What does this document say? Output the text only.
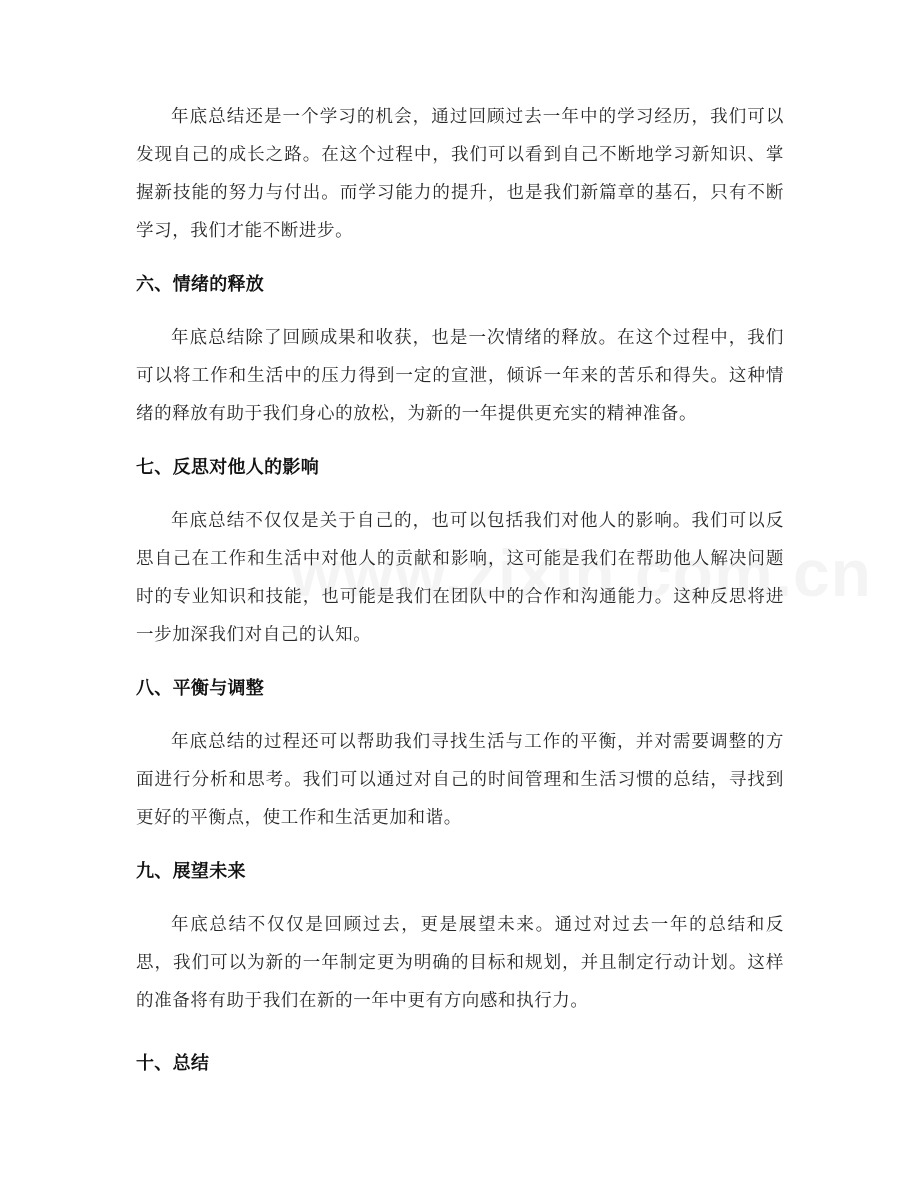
年底总结还是一个学习的机会，通过回顾过去一年中的学习经历，我们可以发现自己的成长之路。在这个过程中，我们可以看到自己不断地学习新知识、掌握新技能的努力与付出。而学习能力的提升，也是我们新篇章的基石，只有不断学习，我们才能不断进步。

六、情绪的释放

年底总结除了回顾成果和收获，也是一次情绪的释放。在这个过程中，我们可以将工作和生活中的压力得到一定的宣泄，倾诉一年来的苦乐和得失。这种情绪的释放有助于我们身心的放松，为新的一年提供更充实的精神准备。

七、反思对他人的影响

年底总结不仅仅是关于自己的，也可以包括我们对他人的影响。我们可以反思自己在工作和生活中对他人的贡献和影响，这可能是我们在帮助他人解决问题时的专业知识和技能，也可能是我们在团队中的合作和沟通能力。这种反思将进一步加深我们对自己的认知。

八、平衡与调整

年底总结的过程还可以帮助我们寻找生活与工作的平衡，并对需要调整的方面进行分析和思考。我们可以通过对自己的时间管理和生活习惯的总结，寻找到更好的平衡点，使工作和生活更加和谐。

九、展望未来

年底总结不仅仅是回顾过去，更是展望未来。通过对过去一年的总结和反思，我们可以为新的一年制定更为明确的目标和规划，并且制定行动计划。这样的准备将有助于我们在新的一年中更有方向感和执行力。

十、总结
